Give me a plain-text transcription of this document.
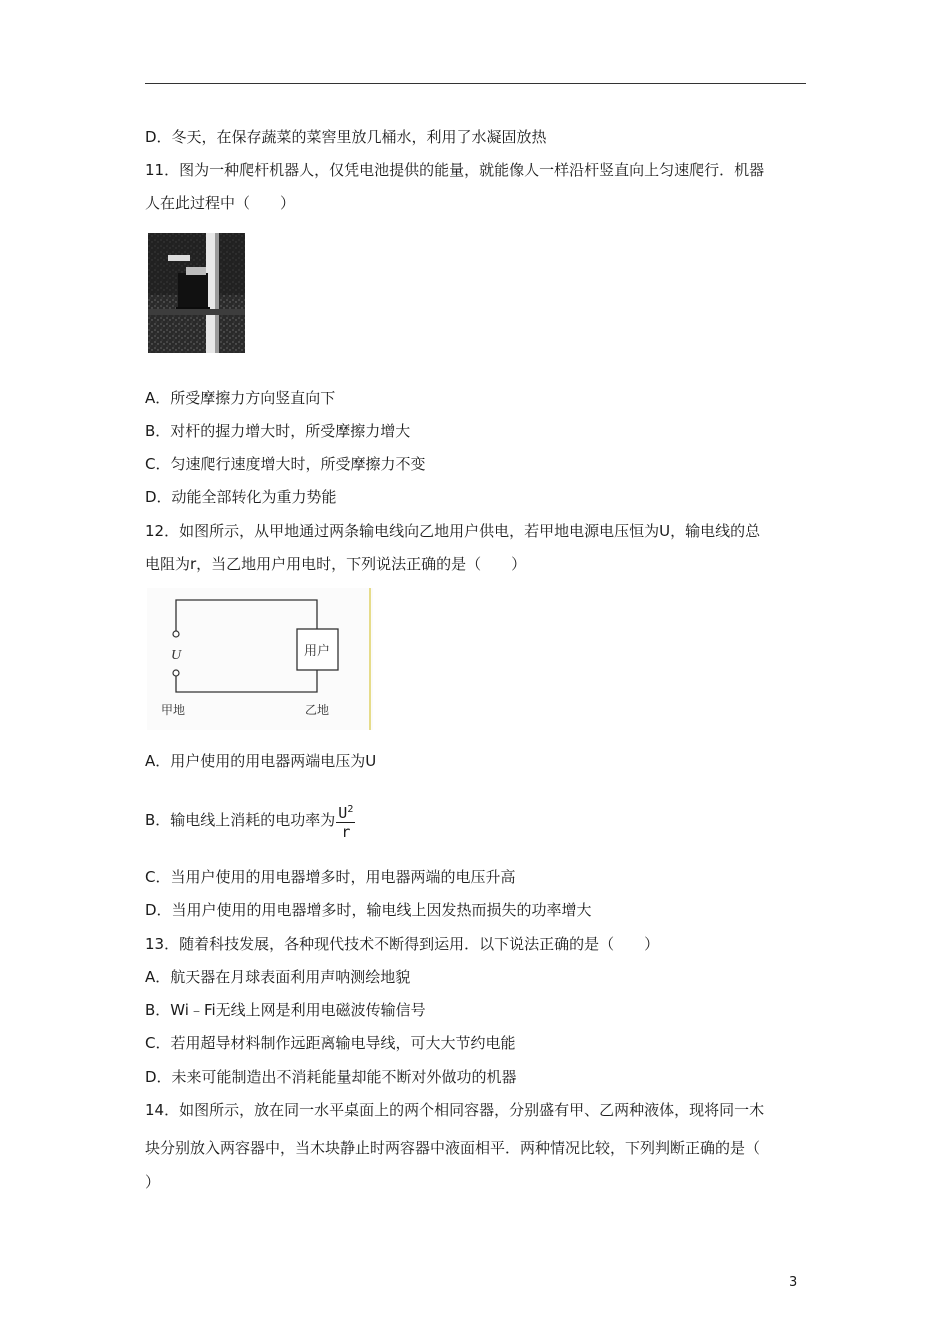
D．冬天，在保存蔬菜的菜窖里放几桶水，利用了水凝固放热
11．图为一种爬杆机器人，仅凭电池提供的能量，就能像人一样沿杆竖直向上匀速爬行．机器
人在此过程中（　　）
A．所受摩擦力方向竖直向下
B．对杆的握力增大时，所受摩擦力增大
C．匀速爬行速度增大时，所受摩擦力不变
D．动能全部转化为重力势能
12．如图所示，从甲地通过两条输电线向乙地用户供电，若甲地电源电压恒为U，输电线的总
电阻为r，当乙地用户用电时，下列说法正确的是（　　）
U	用户
甲地	乙地
A．用户使用的用电器两端电压为U
B．输电线上消耗的电功率为 $\frac{U^2}{r}$
C．当用户使用的用电器增多时，用电器两端的电压升高
D．当用户使用的用电器增多时，输电线上因发热而损失的功率增大
13．随着科技发展，各种现代技术不断得到运用．以下说法正确的是（　　）
A．航天器在月球表面利用声呐测绘地貌
B．Wi﹣Fi无线上网是利用电磁波传输信号
C．若用超导材料制作远距离输电导线，可大大节约电能
D．未来可能制造出不消耗能量却能不断对外做功的机器
14．如图所示，放在同一水平桌面上的两个相同容器，分别盛有甲、乙两种液体，现将同一木
块分别放入两容器中，当木块静止时两容器中液面相平．两种情况比较，下列判断正确的是（
）
3
